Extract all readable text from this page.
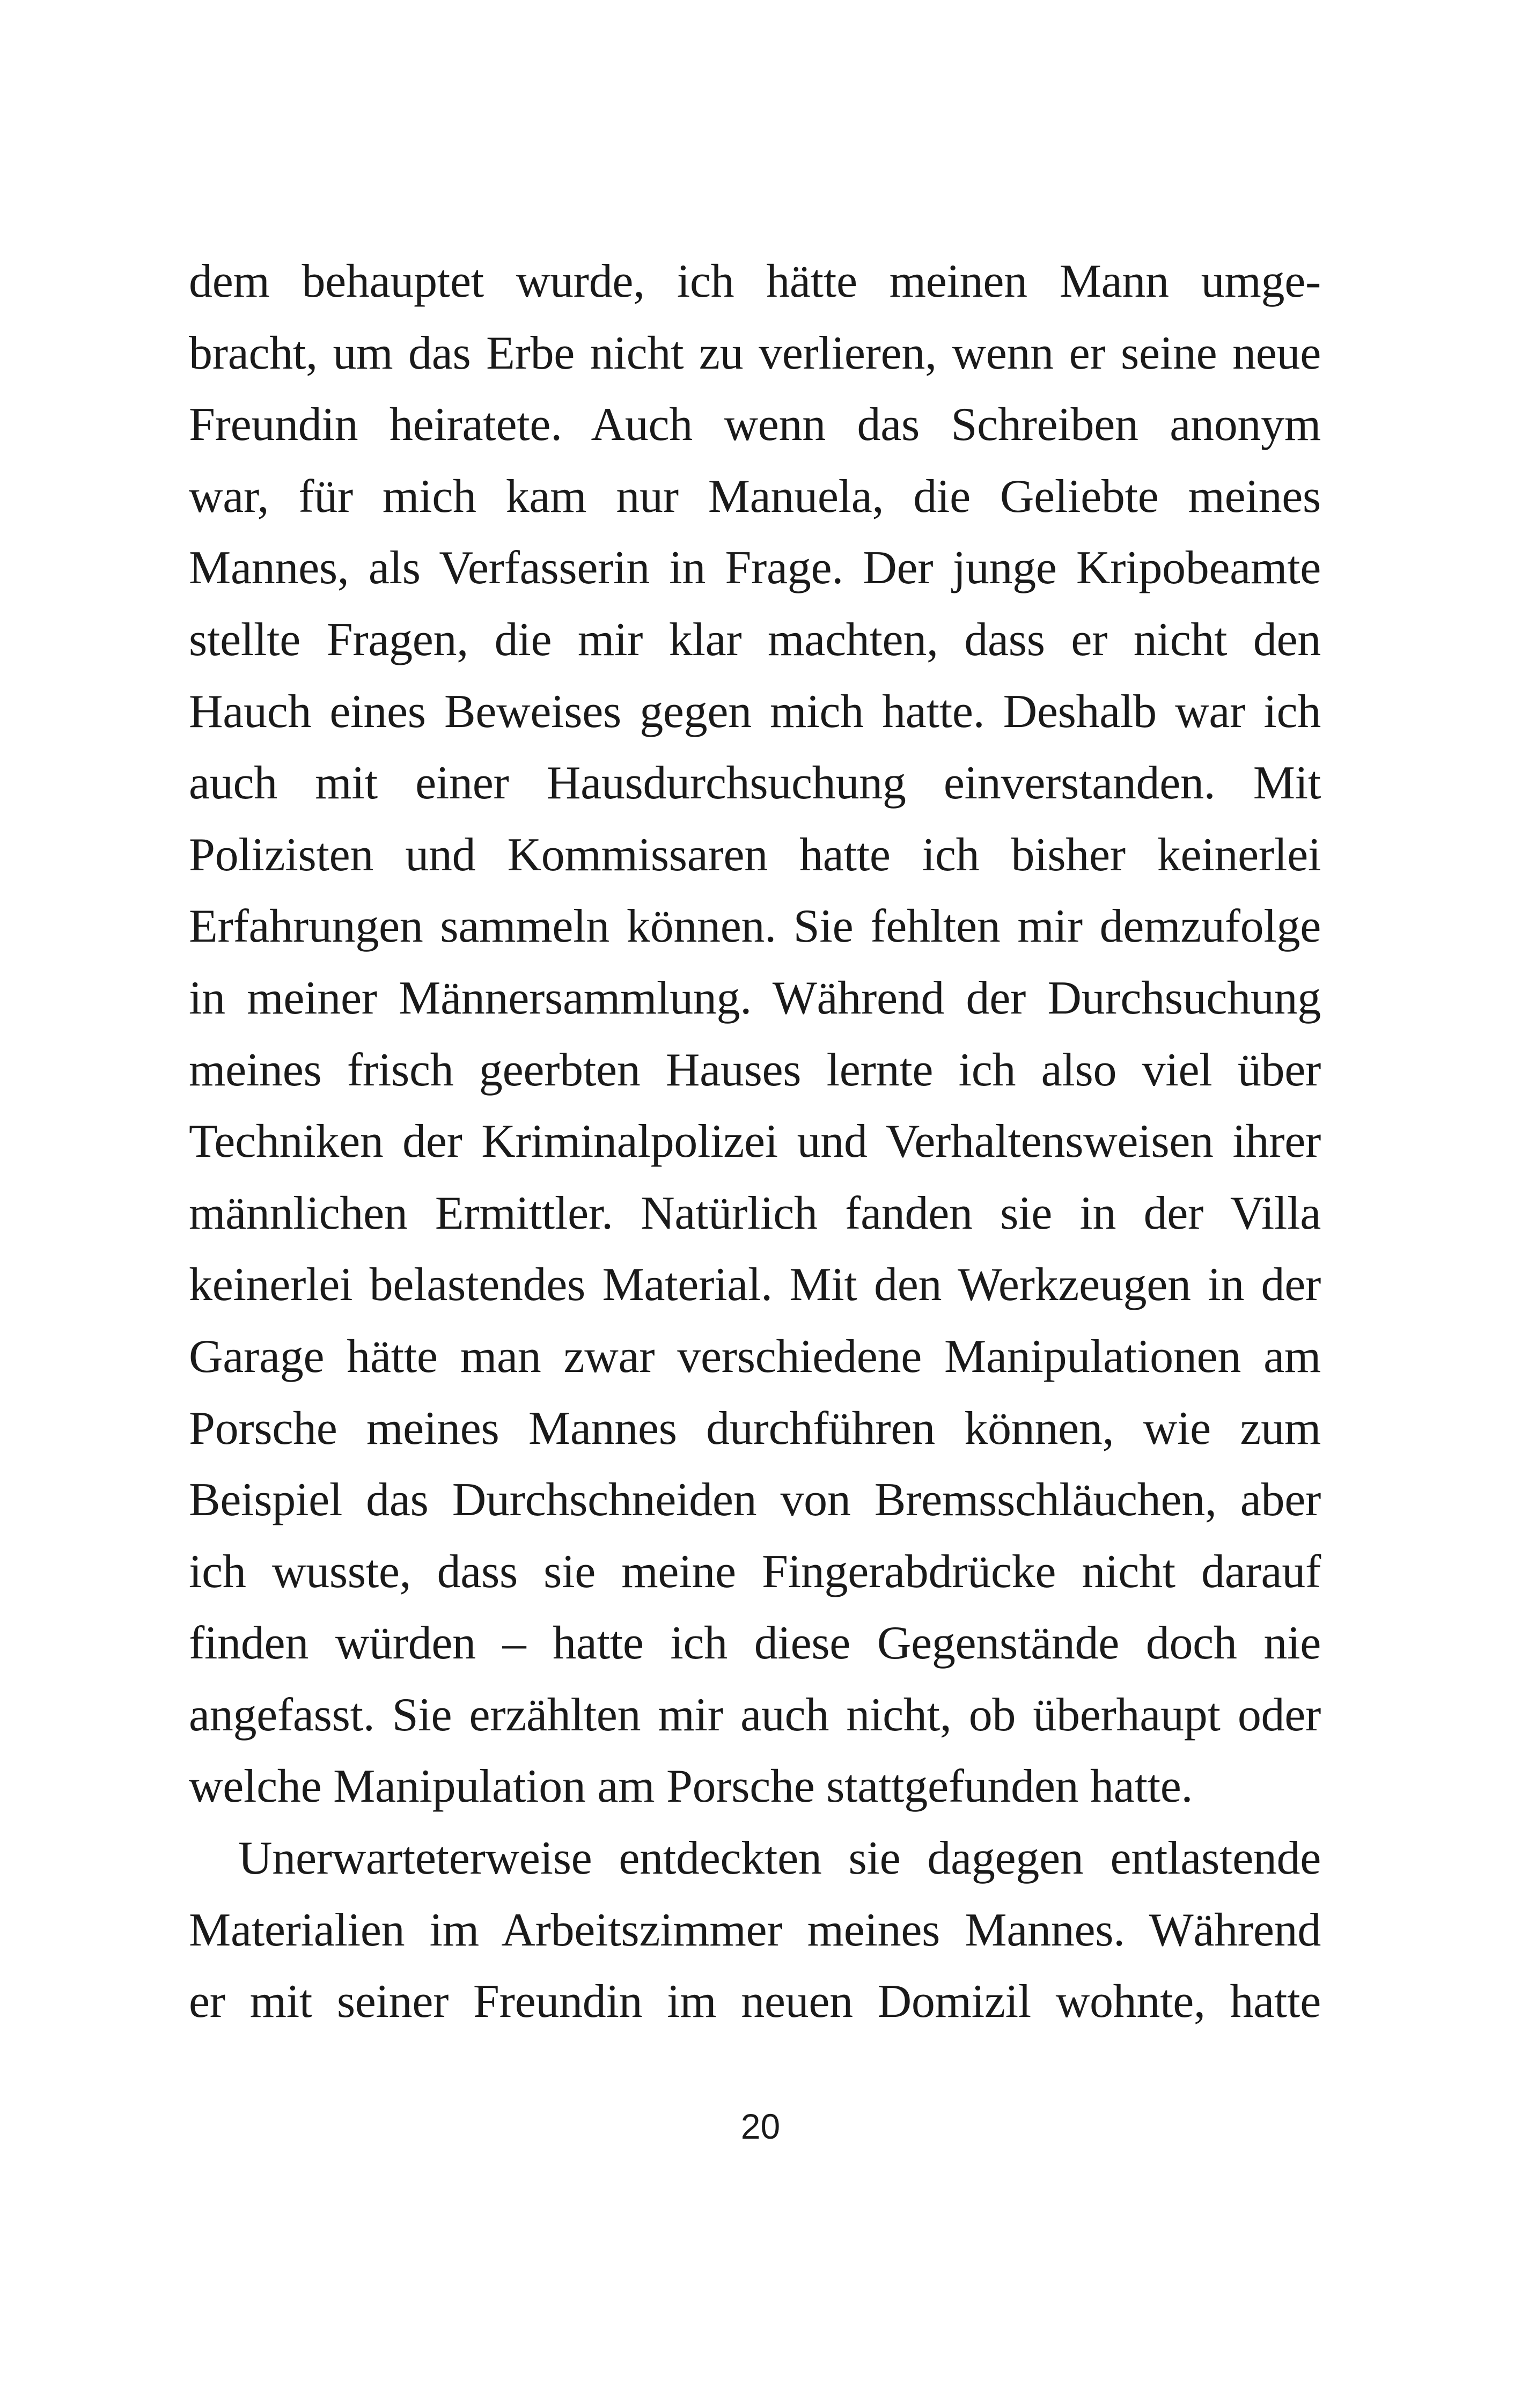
dem behauptet wurde, ich hätte meinen Mann umge-
bracht, um das Erbe nicht zu verlieren, wenn er seine neue
Freundin heiratete. Auch wenn das Schreiben anonym
war, für mich kam nur Manuela, die Geliebte meines
Mannes, als Verfasserin in Frage. Der junge Kripobeamte
stellte Fragen, die mir klar machten, dass er nicht den
Hauch eines Beweises gegen mich hatte. Deshalb war ich
auch mit einer Hausdurchsuchung einverstanden. Mit
Polizisten und Kommissaren hatte ich bisher keinerlei
Erfahrungen sammeln können. Sie fehlten mir demzufolge
in meiner Männersammlung. Während der Durchsuchung
meines frisch geerbten Hauses lernte ich also viel über
Techniken der Kriminalpolizei und Verhaltensweisen ihrer
männlichen Ermittler. Natürlich fanden sie in der Villa
keinerlei belastendes Material. Mit den Werkzeugen in der
Garage hätte man zwar verschiedene Manipulationen am
Porsche meines Mannes durchführen können, wie zum
Beispiel das Durchschneiden von Bremsschläuchen, aber
ich wusste, dass sie meine Fingerabdrücke nicht darauf
finden würden – hatte ich diese Gegenstände doch nie
angefasst. Sie erzählten mir auch nicht, ob überhaupt oder
welche Manipulation am Porsche stattgefunden hatte.
Unerwarteterweise entdeckten sie dagegen entlastende
Materialien im Arbeitszimmer meines Mannes. Während
er mit seiner Freundin im neuen Domizil wohnte, hatte
20
